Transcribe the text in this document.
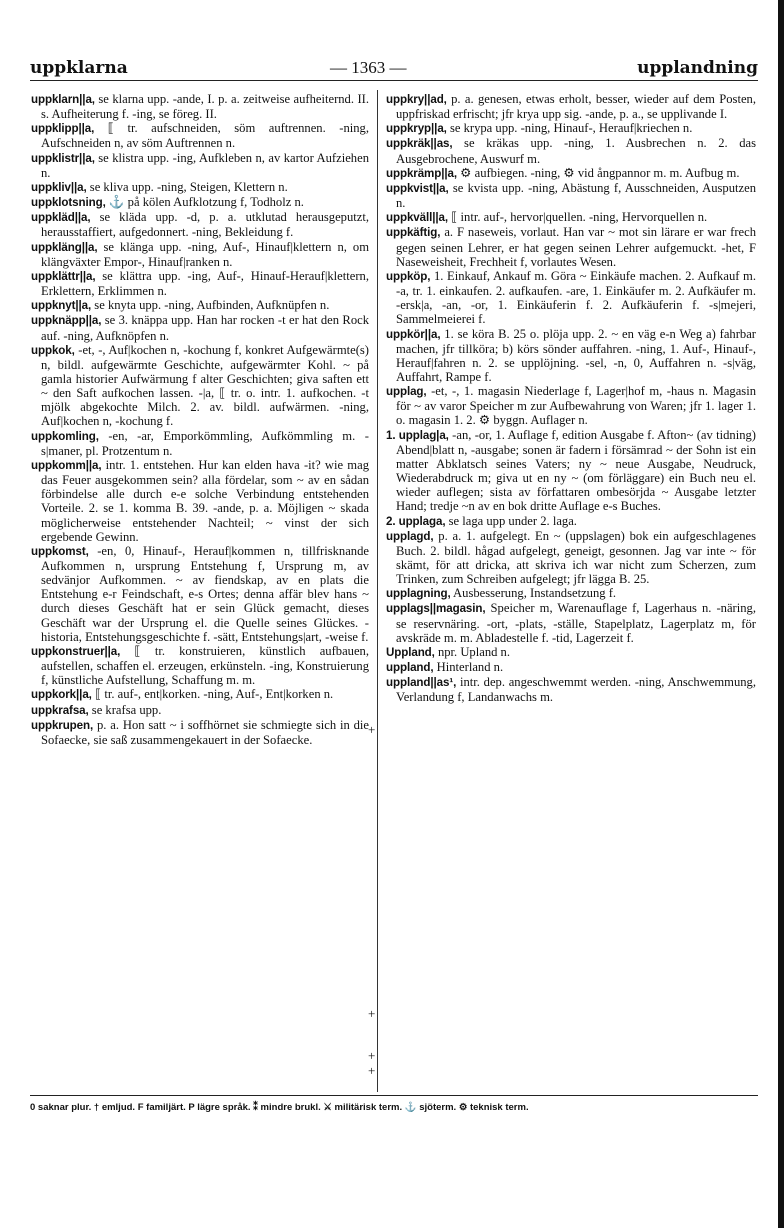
uppklarna	— 1363 —	upplandning

uppklarn||a, se klarna upp. -ande, I. p. a. zeitweise aufheiternd. II. s. Aufheiterung f. -ing, se föreg. II.

uppklipp||a, ⟦ tr. aufschneiden, söm auftrennen. -ning, Aufschneiden n, av söm Auftrennen n.

uppklistr||a, se klistra upp. -ing, Aufkleben n, av kartor Aufziehen n.

uppkliv||a, se kliva upp. -ning, Steigen, Klettern n.

uppklotsning, ⚓ på kölen Aufklotzung f, Todholz n.

uppkläd||a, se kläda upp. -d, p. a. utklutad herausgeputzt, herausstaffiert, aufgedonnert. -ning, Bekleidung f.

uppkläng||a, se klänga upp. -ning, Auf-, Hinauf|klettern n, om klängväxter Empor-, Hinauf|ranken n.

uppklättr||a, se klättra upp. -ing, Auf-, Hinauf-Herauf|klettern, Erklettern, Erklimmen n.

uppknyt||a, se knyta upp. -ning, Aufbinden, Aufknüpfen n.

uppknäpp||a, se 3. knäppa upp. Han har rocken -t er hat den Rock auf. -ning, Aufknöpfen n.

uppkok, -et, -, Auf|kochen n, -kochung f, konkret Aufgewärmte(s) n, bildl. aufgewärmte Geschichte, aufgewärmter Kohl. ~ på gamla historier Aufwärmung f alter Geschichten; giva saften ett ~ den Saft aufkochen lassen. -|a, ⟦ tr. o. intr. 1. aufkochen. -t mjölk abgekochte Milch. 2. av. bildl. aufwärmen. -ning, Auf|kochen n, -kochung f.

uppkomling, -en, -ar, Emporkömmling, Aufkömmling m. -s|maner, pl. Protzentum n.

uppkomm||a, intr. 1. entstehen. Hur kan elden hava -it? wie mag das Feuer ausgekommen sein? alla fördelar, som ~ av en sådan förbindelse alle durch e-e solche Verbindung entstehenden Vorteile. 2. se 1. komma B. 39. -ande, p. a. Möjligen ~ skada möglicherweise entstehender Nachteil; ~ vinst der sich ergebende Gewinn.

uppkomst, -en, 0, Hinauf-, Herauf|kommen n, tillfrisknande Aufkommen n, ursprung Entstehung f, Ursprung m, av sedvänjor Aufkommen. ~ av fiendskap, av en plats die Entstehung e-r Feindschaft, e-s Ortes; denna affär blev hans ~ durch dieses Geschäft hat er sein Glück gemacht, dieses Geschäft war der Ursprung el. die Quelle seines Glückes. -historia, Entstehungsgeschichte f. -sätt, Entstehungs|art, -weise f.

uppkonstruer||a, ⟦ tr. konstruieren, künstlich aufbauen, aufstellen, schaffen el. erzeugen, erkünsteln. -ing, Konstruierung f, künstliche Aufstellung, Schaffung m. m.

uppkork||a, ⟦ tr. auf-, ent|korken. -ning, Auf-, Ent|korken n.

uppkrafsa, se krafsa upp.

uppkrupen, p. a. Hon satt ~ i soffhörnet sie schmiegte sich in die Sofaecke, sie saß zusammengekauert in der Sofaecke.

uppkry||ad, p. a. genesen, etwas erholt, besser, wieder auf dem Posten, uppfriskad erfrischt; jfr krya upp sig. -ande, p. a., se upplivande I.

uppkryp||a, se krypa upp. -ning, Hinauf-, Herauf|kriechen n.

uppkräk||as, se kräkas upp. -ning, 1. Ausbrechen n. 2. das Ausgebrochene, Auswurf m.

uppkrämp||a, ⚙ aufbiegen. -ning, ⚙ vid ångpannor m. m. Aufbug m.

uppkvist||a, se kvista upp. -ning, Abästung f, Ausschneiden, Ausputzen n.

uppkväll||a, ⟦ intr. auf-, hervor|quellen. -ning, Hervorquellen n.

uppkäftig, a. F naseweis, vorlaut. Han var ~ mot sin lärare er war frech gegen seinen Lehrer, er hat gegen seinen Lehrer aufgemuckt. -het, F Naseweisheit, Frechheit f, vorlautes Wesen.

uppköp, 1. Einkauf, Ankauf m. Göra ~ Einkäufe machen. 2. Aufkauf m. -a, tr. 1. einkaufen. 2. aufkaufen. -are, 1. Einkäufer m. 2. Aufkäufer m. -ersk|a, -an, -or, 1. Einkäuferin f. 2. Aufkäuferin f. -s|mejeri, Sammelmeierei f.

uppkör||a, 1. se köra B. 25 o. plöja upp. 2. ~ en väg e-n Weg a) fahrbar machen, jfr tillköra; b) körs sönder auffahren. -ning, 1. Auf-, Hinauf-, Herauf|fahren n. 2. se upplöjning. -sel, -n, 0, Auffahren n. -s|väg, Auffahrt, Rampe f.

upplag, -et, -, 1. magasin Niederlage f, Lager|hof m, -haus n. Magasin för ~ av varor Speicher m zur Aufbewahrung von Waren; jfr 1. lager 1. o. magasin 1. 2. ⚙ byggn. Auflager n.

1. upplag|a, -an, -or, 1. Auflage f, edition Ausgabe f. Afton~ (av tidning) Abend|blatt n, -ausgabe; sonen är fadern i försämrad ~ der Sohn ist ein matter Abklatsch seines Vaters; ny ~ neue Ausgabe, Neudruck, Wiederabdruck m; giva ut en ny ~ (om förläggare) ein Buch neu el. wieder auflegen; sista av författaren ombesörjda ~ Ausgabe letzter Hand; tredje ~n av en bok dritte Auflage e-s Buches.

2. upplaga, se laga upp under 2. laga.

upplagd, p. a. 1. aufgelegt. En ~ (uppslagen) bok ein aufgeschlagenes Buch. 2. bildl. hågad aufgelegt, geneigt, gesonnen. Jag var inte ~ för skämt, för att dricka, att skriva ich war nicht zum Scherzen, zum Trinken, zum Schreiben aufgelegt; jfr lägga B. 25.

upplagning, Ausbesserung, Instandsetzung f.

upplags||magasin, Speicher m, Warenauflage f, Lagerhaus n. -näring, se reservnäring. -ort, -plats, -ställe, Stapelplatz, Lagerplatz m, för avskräde m. m. Abladestelle f. -tid, Lagerzeit f.

Uppland, npr. Upland n.

uppland, Hinterland n.

uppland||as¹, intr. dep. angeschwemmt werden. -ning, Anschwemmung, Verlandung f, Landanwachs m.

+
+
+
+
0 saknar plur. † emljud. F familjärt. P lägre språk. ⁑ mindre brukl. ⚔ militärisk term. ⚓ sjöterm. ⚙ teknisk term.
